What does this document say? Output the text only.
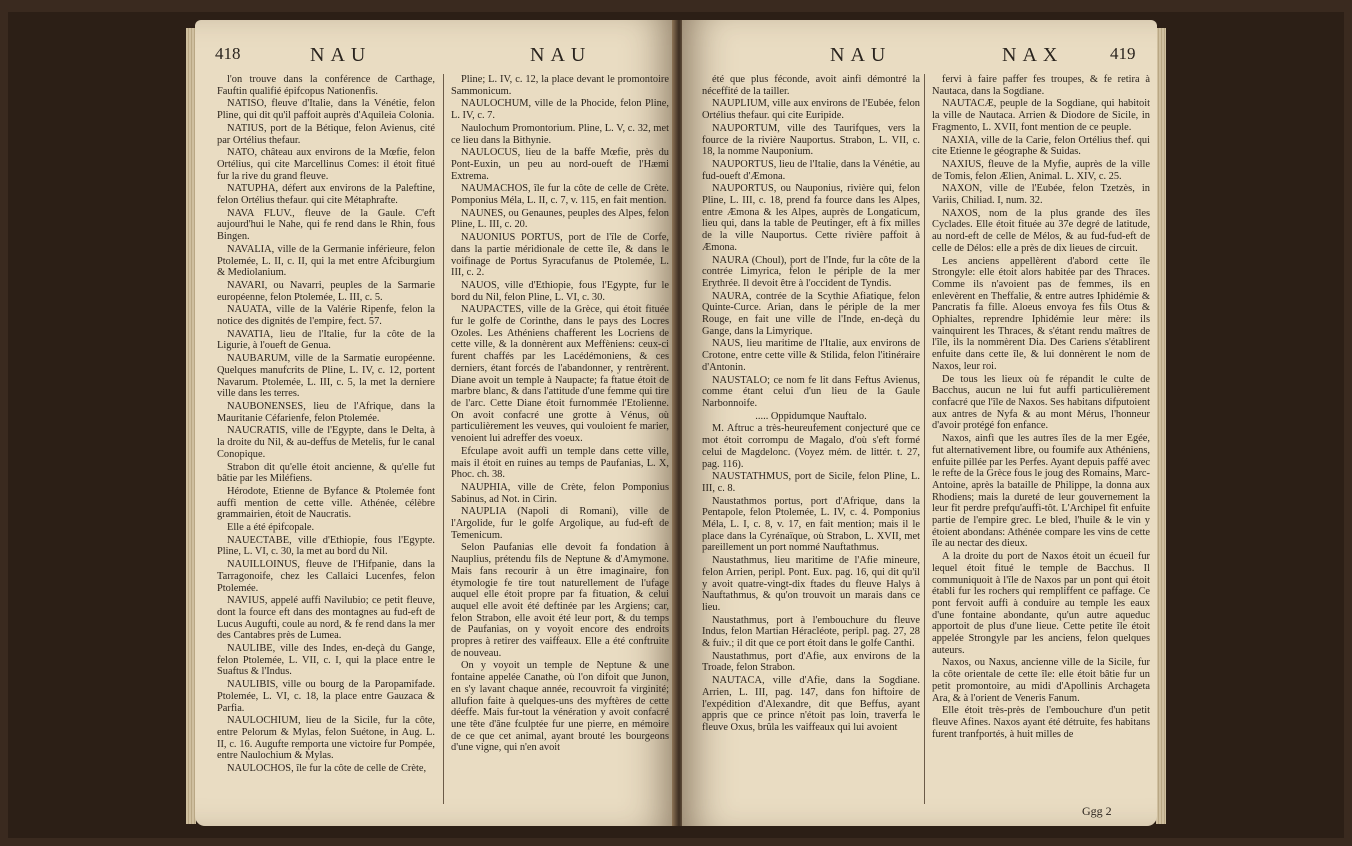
418	NAU	NAU

l'on trouve dans la conférence de Carthage, Fauftin qualifié épifcopus Nationenfis.

NATISO, fleuve d'Italie, dans la Vénétie, felon Pline, qui dit qu'il paffoit auprès d'Aquileia Colonia.

NATIUS, port de la Bétique, felon Avienus, cité par Ortélius thefaur.

NATO, château aux environs de la Mœfie, felon Ortélius, qui cite Marcellinus Comes: il étoit fitué fur la rive du grand fleuve.

NATUPHA, défert aux environs de la Paleftine, felon Ortélius thefaur. qui cite Métaphrafte.

NAVA FLUV., fleuve de la Gaule. C'eft aujourd'hui le Nahe, qui fe rend dans le Rhin, fous Bingen.

NAVALIA, ville de la Germanie inférieure, felon Ptolemée, L. II, c. II, qui la met entre Afciburgium & Mediolanium.

NAVARI, ou Navarri, peuples de la Sarmarie européenne, felon Ptolemée, L. III, c. 5.

NAUATA, ville de la Valérie Ripenfe, felon la notice des dignités de l'empire, fect. 57.

NAVATIA, lieu de l'Italie, fur la côte de la Ligurie, à l'oueft de Genua.

NAUBARUM, ville de la Sarmatie européenne. Quelques manufcrits de Pline, L. IV, c. 12, portent Navarum. Ptolemée, L. III, c. 5, la met la derniere ville dans les terres.

NAUBONENSES, lieu de l'Afrique, dans la Mauritanie Céfarienfe, felon Ptolemée.

NAUCRATIS, ville de l'Egypte, dans le Delta, à la droite du Nil, & au-deffus de Metelis, fur le canal Conopique.

Strabon dit qu'elle étoit ancienne, & qu'elle fut bâtie par les Miléfiens.

Hérodote, Etienne de Byfance & Ptolemée font auffi mention de cette ville. Athénée, célèbre grammairien, étoit de Naucratis.

Elle a été épifcopale.

NAUECTABE, ville d'Ethiopie, fous l'Egypte. Pline, L. VI, c. 30, la met au bord du Nil.

NAUILLOINUS, fleuve de l'Hifpanie, dans la Tarragonoife, chez les Callaici Lucenfes, felon Ptolemée.

NAVIUS, appelé auffi Navilubio; ce petit fleuve, dont la fource eft dans des montagnes au fud-eft de Lucus Augufti, coule au nord, & fe rend dans la mer des Cantabres près de Lumea.

NAULIBE, ville des Indes, en-deçà du Gange, felon Ptolemée, L. VII, c. I, qui la place entre le Suaftus & l'Indus.

NAULIBIS, ville ou bourg de la Paropamifade. Ptolemée, L. VI, c. 18, la place entre Gauzaca & Parfia.

NAULOCHIUM, lieu de la Sicile, fur la côte, entre Pelorum & Mylas, felon Suétone, in Aug. L. II, c. 16. Augufte remporta une victoire fur Pompée, entre Naulochium & Mylas.

NAULOCHOS, île fur la côte de celle de Crète,

Pline; L. IV, c. 12, la place devant le promontoire Sammonicum.

NAULOCHUM, ville de la Phocide, felon Pline, L. IV, c. 7.

Naulochum Promontorium. Pline, L. V, c. 32, met ce lieu dans la Bithynie.

NAULOCUS, lieu de la baffe Mœfie, près du Pont-Euxin, un peu au nord-oueft de l'Hæmi Extrema.

NAUMACHOS, île fur la côte de celle de Crète. Pomponius Méla, L. II, c. 7, v. 115, en fait mention.

NAUNES, ou Genaunes, peuples des Alpes, felon Pline, L. III, c. 20.

NAUONIUS PORTUS, port de l'île de Corfe, dans la partie méridionale de cette île, & dans le voifinage de Portus Syracufanus de Ptolemée, L. III, c. 2.

NAUOS, ville d'Ethiopie, fous l'Egypte, fur le bord du Nil, felon Pline, L. VI, c. 30.

NAUPACTES, ville de la Grèce, qui étoit fituée fur le golfe de Corinthe, dans le pays des Locres Ozoles. Les Athéniens chafferent les Locriens de cette ville, & la donnèrent aux Meffèniens: ceux-ci furent chaffés par les Lacédémoniens, & ces derniers, étant forcés de l'abandonner, y rentrèrent. Diane avoit un temple à Naupacte; fa ftatue étoit de marbre blanc, & dans l'attitude d'une femme qui tire de l'arc. Cette Diane étoit furnommée l'Etolienne. On avoit confacré une grotte à Vénus, où particulièrement les veuves, qui vouloient fe marier, venoient lui adreffer des voeux.

Efculape avoit auffi un temple dans cette ville, mais il étoit en ruines au temps de Paufanias, L. X, Phoc. ch. 38.

NAUPHIA, ville de Crète, felon Pomponius Sabinus, ad Not. in Cirin.

NAUPLIA (Napoli di Romani), ville de l'Argolide, fur le golfe Argolique, au fud-eft de Temenicum.

Selon Paufanias elle devoit fa fondation à Nauplius, prétendu fils de Neptune & d'Amymone. Mais fans recourir à un être imaginaire, fon étymologie fe tire tout naturellement de l'ufage auquel elle étoit propre par fa fituation, & celui auquel elle avoit été deftinée par les Argiens; car, felon Strabon, elle avoit été leur port, & du temps de Paufanias, on y voyoit encore des endroits propres à retirer des vaiffeaux. Elle a été conftruite de nouveau.

On y voyoit un temple de Neptune & une fontaine appelée Canathe, où l'on difoit que Junon, en s'y lavant chaque année, recouvroit fa virginité; allufion faite à quelques-uns des myftères de cette déeffe. Mais fur-tout la vénération y avoit confacré une tête d'âne fculptée fur une pierre, en mémoire de ce que cet animal, ayant brouté les bourgeons d'une vigne, qui n'en avoit

NAU	NAX	419

été que plus féconde, avoit ainfi démontré la néceffité de la tailler.

NAUPLIUM, ville aux environs de l'Eubée, felon Ortélius thefaur. qui cite Euripide.

NAUPORTUM, ville des Taurifques, vers la fource de la rivière Nauportus. Strabon, L. VII, c. 18, la nomme Nauponium.

NAUPORTUS, lieu de l'Italie, dans la Vénétie, au fud-oueft d'Æmona.

NAUPORTUS, ou Nauponius, rivière qui, felon Pline, L. III, c. 18, prend fa fource dans les Alpes, entre Æmona & les Alpes, auprès de Longaticum, lieu qui, dans la table de Peutinger, eft à fix milles de la ville Nauportus. Cette rivière paffoit à Æmona.

NAURA (Choul), port de l'Inde, fur la côte de la contrée Limyrica, felon le périple de la mer Erythrée. Il devoit être à l'occident de Tyndis.

NAURA, contrée de la Scythie Afiatique, felon Quinte-Curce. Arian, dans le périple de la mer Rouge, en fait une ville de l'Inde, en-deçà du Gange, dans la Limyrique.

NAUS, lieu maritime de l'Italie, aux environs de Crotone, entre cette ville & Stilida, felon l'itinéraire d'Antonin.

NAUSTALO; ce nom fe lit dans Feftus Avienus, comme étant celui d'un lieu de la Gaule Narbonnoife.

..... Oppidumque Nauftalo.

M. Aftruc a très-heureufement conjecturé que ce mot étoit corrompu de Magalo, d'où s'eft formé celui de Magdelonc. (Voyez mém. de littér. t. 27, pag. 116).

NAUSTATHMUS, port de Sicile, felon Pline, L. III, c. 8.

Naustathmos portus, port d'Afrique, dans la Pentapole, felon Ptolemée, L. IV, c. 4. Pomponius Méla, L. I, c. 8, v. 17, en fait mention; mais il le place dans la Cyrénaïque, où Strabon, L. XVII, met pareillement un port nommé Nauftathmus.

Naustathmus, lieu maritime de l'Afie mineure, felon Arrien, peripl. Pont. Eux. pag. 16, qui dit qu'il y avoit quatre-vingt-dix ftades du fleuve Halys à Nauftathmus, & qu'on trouvoit un marais dans ce lieu.

Naustathmus, port à l'embouchure du fleuve Indus, felon Martian Héracléote, peripl. pag. 27, 28 & fuiv.; il dit que ce port étoit dans le golfe Canthi.

Naustathmus, port d'Afie, aux environs de la Troade, felon Strabon.

NAUTACA, ville d'Afie, dans la Sogdiane. Arrien, L. III, pag. 147, dans fon hiftoire de l'expédition d'Alexandre, dit que Beffus, ayant appris que ce prince n'étoit pas loin, traverfa le fleuve Oxus, brûla les vaiffeaux qui lui avoient

fervi à faire paffer fes troupes, & fe retira à Nautaca, dans la Sogdiane.

NAUTACÆ, peuple de la Sogdiane, qui habitoit la ville de Nautaca. Arrien & Diodore de Sicile, in Fragmento, L. XVII, font mention de ce peuple.

NAXIA, ville de la Carie, felon Ortélius thef. qui cite Etienne le géographe & Suidas.

NAXIUS, fleuve de la Myfie, auprès de la ville de Tomis, felon Ælien, Animal. L. XIV, c. 25.

NAXON, ville de l'Eubée, felon Tzetzès, in Variis, Chiliad. I, num. 32.

NAXOS, nom de la plus grande des îles Cyclades. Elle étoit fituée au 37e degré de latitude, au nord-eft de celle de Mélos, & au fud-fud-eft de celle de Délos: elle a près de dix lieues de circuit.

Les anciens appellèrent d'abord cette île Strongyle: elle étoit alors habitée par des Thraces. Comme ils n'avoient pas de femmes, ils en enlevèrent en Theffalie, & entre autres Iphidémie & Pancratis fa fille. Aloeus envoya fes fils Otus & Ophialtes, reprendre Iphidémie leur mère: ils vainquirent les Thraces, & s'étant rendu maîtres de l'île, ils la nommèrent Dia. Des Cariens s'établirent enfuite dans cette île, & lui donnèrent le nom de Naxos, leur roi.

De tous les lieux où fe répandit le culte de Bacchus, aucun ne lui fut auffi particulièrement confacré que l'île de Naxos. Ses habitans difputoient aux antres de Nyfa & au mont Mérus, l'honneur d'avoir protégé fon enfance.

Naxos, ainfi que les autres îles de la mer Egée, fut alternativement libre, ou foumife aux Athéniens, enfuite pillée par les Perfes. Ayant depuis paffé avec le refte de la Grèce fous le joug des Romains, Marc-Antoine, après la bataille de Philippe, la donna aux Rhodiens; mais la dureté de leur gouvernement la leur fit perdre prefqu'auffi-tôt. L'Archipel fit enfuite partie de l'empire grec. Le bled, l'huile & le vin y étoient abondans: Athénée compare les vins de cette île au nectar des dieux.

A la droite du port de Naxos étoit un écueil fur lequel étoit fitué le temple de Bacchus. Il communiquoit à l'île de Naxos par un pont qui étoit établi fur les rochers qui rempliffent ce paffage. Ce pont fervoit auffi à conduire au temple les eaux d'une fontaine abondante, qu'un autre aqueduc apportoit de plus d'une lieue. Cette petite île étoit appelée Strongyle par les anciens, felon quelques auteurs.

Naxos, ou Naxus, ancienne ville de la Sicile, fur la côte orientale de cette île: elle étoit bâtie fur un petit promontoire, au midi d'Apollinis Archageta Ara, & à l'orient de Veneris Fanum.

Elle étoit très-près de l'embouchure d'un petit fleuve Afines. Naxos ayant été détruite, fes habitans furent tranfportés, à huit milles de

Ggg 2
